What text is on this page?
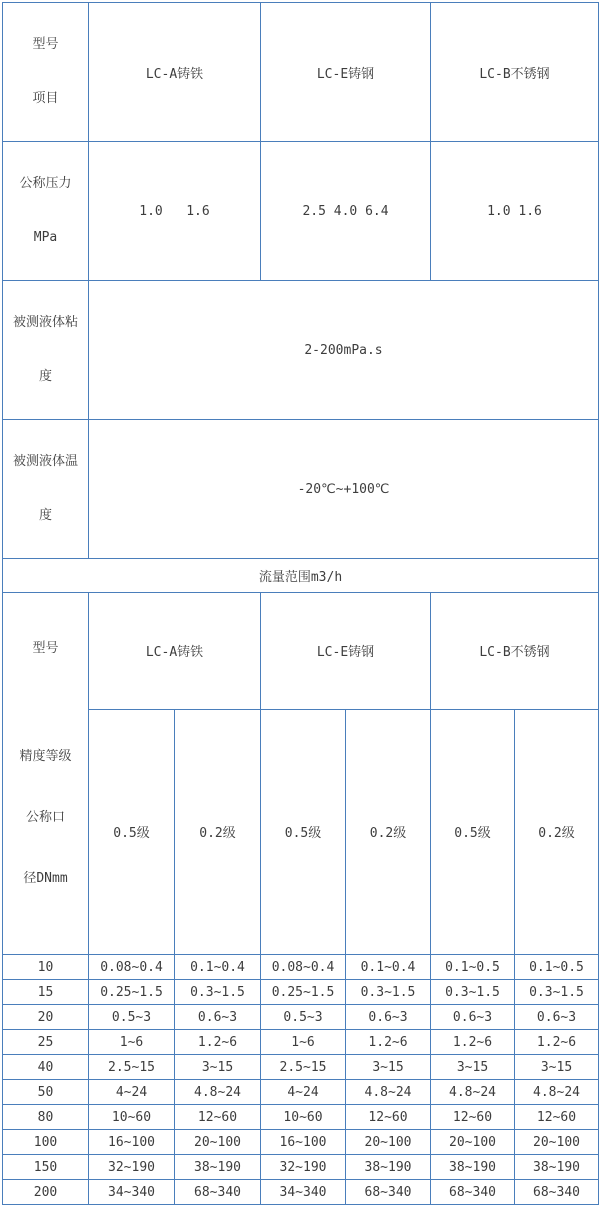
型号

项目	LC-A铸铁		LC-E铸钢		LC-B不锈钢	

公称压力

MPa	1.0   1.6		2.5 4.0 6.4		1.0 1.6	

被测液体粘

度	2-200mPa.s					

被测液体温

度	-20℃~+100℃					
流量范围m3/h						

型号

精度等级

公称口

径DNmm	LC-A铸铁		LC-E铸钢		LC-B不锈钢	
	0.5级	0.2级	0.5级	0.2级	0.5级	0.2级
10	0.08~0.4	0.1~0.4	0.08~0.4	0.1~0.4	0.1~0.5	0.1~0.5
15	0.25~1.5	0.3~1.5	0.25~1.5	0.3~1.5	0.3~1.5	0.3~1.5
20	0.5~3	0.6~3	0.5~3	0.6~3	0.6~3	0.6~3
25	1~6	1.2~6	1~6	1.2~6	1.2~6	1.2~6
40	2.5~15	3~15	2.5~15	3~15	3~15	3~15
50	4~24	4.8~24	4~24	4.8~24	4.8~24	4.8~24
80	10~60	12~60	10~60	12~60	12~60	12~60
100	16~100	20~100	16~100	20~100	20~100	20~100
150	32~190	38~190	32~190	38~190	38~190	38~190
200	34~340	68~340	34~340	68~340	68~340	68~340
